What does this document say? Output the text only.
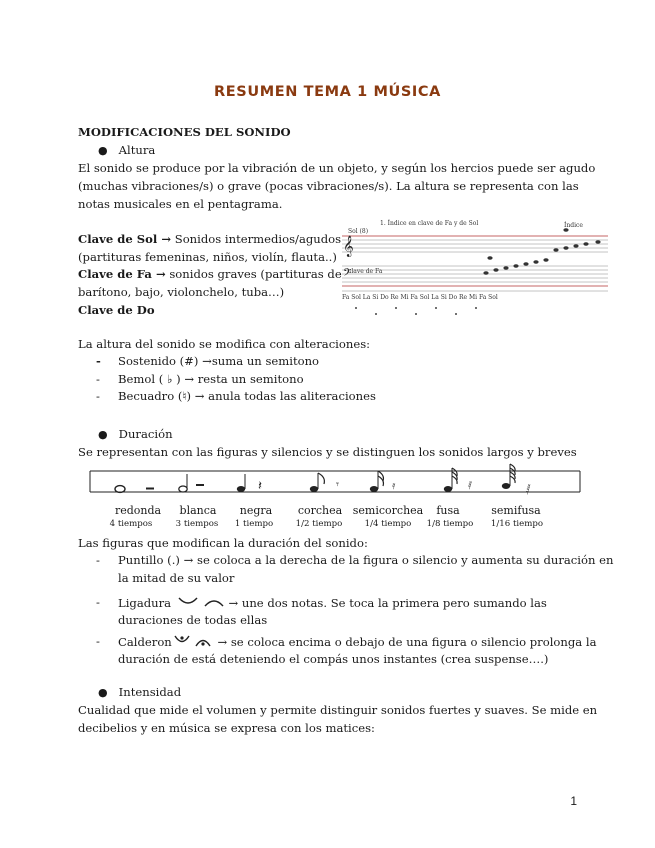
RESUMEN TEMA 1 MÚSICA
MODIFICACIONES DEL SONIDO
● Altura
El sonido se produce por la vibración de un objeto, y según los hercios puede ser agudo
(muchas vibraciones/s) o grave (pocas vibraciones/s). La altura se representa con las
notas musicales en el pentagrama.
Clave de Sol → Sonidos intermedios/agudos
(partituras femeninas, niños, violín, flauta..)
Clave de Fa → sonidos graves (partituras de
barítono, bajo, violonchelo, tuba…)
Clave de Do
𝄞
𝄢
1. Índice en clave de Fa y de Sol
Sol (8)
Índice
clave de Fa
Fa Sol La Si Do Re Mi Fa Sol La Si Do Re Mi Fa Sol
La altura del sonido se modifica con alteraciones:
- Sostenido (#) →suma un semitono
- Bemol ( ♭ ) → resta un semitono
- Becuadro (♮) → anula todas las aliteraciones
● Duración
Se representan con las figuras y silencios y se distinguen los sonidos largos y breves
𝄽	𝄾	𝄿	𝅀	𝅁
redonda
4 tiempos
blanca
3 tiempos
negra
1 tiempo
corchea
1/2 tiempo
semicorchea
1/4 tiempo
fusa
1/8 tiempo
semifusa
1/16 tiempo
Las figuras que modifican la duración del sonido:
- Puntillo (.) → se coloca a la derecha de la figura o silencio y aumenta su duración en
la mitad de su valor
- Ligadura	→ une dos notas. Se toca la primera pero sumando las
duraciones de todas ellas
- Calderon	→ se coloca encima o debajo de una figura o silencio prolonga la
duración de está deteniendo el compás unos instantes (crea suspense….)
● Intensidad
Cualidad que mide el volumen y permite distinguir sonidos fuertes y suaves. Se mide en
decibelios y en música se expresa con los matices:
1
